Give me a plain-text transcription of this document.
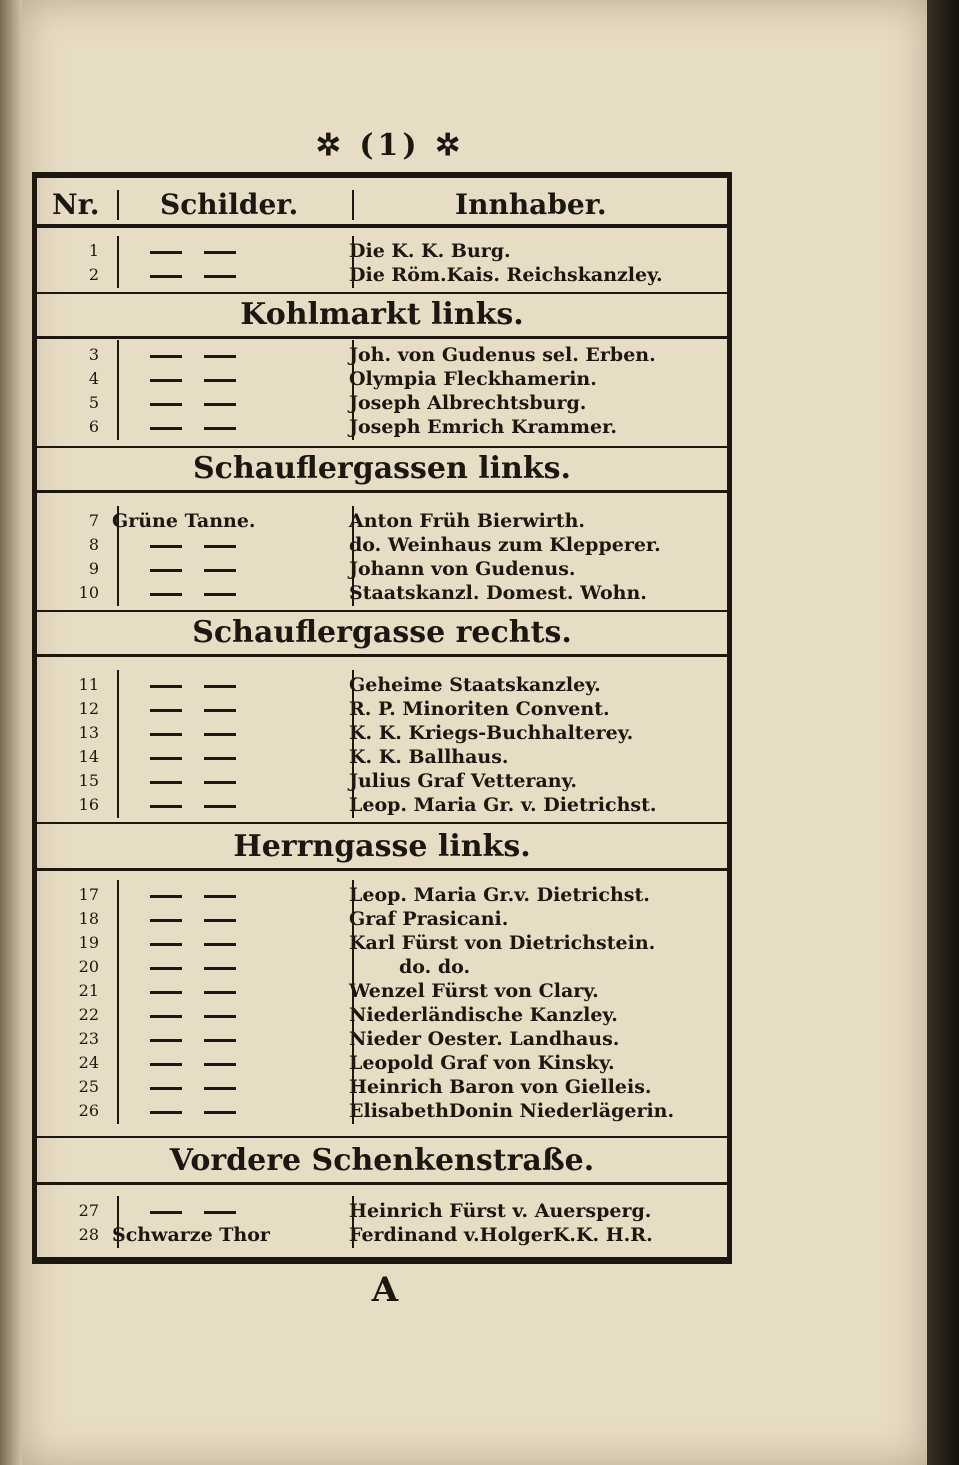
✲ (1) ✲
Nr. Schilder.	Innhaber.
1	Die K. K. Burg.
2	Die Röm.Kais. Reichskanzley.
Kohlmarkt links.
3	Joh. von Gudenus sel. Erben.
4	Olympia Fleckhamerin.
5	Joseph Albrechtsburg.
6	Joseph Emrich Krammer.
Schauflergassen links.
7 Grüne Tanne.	Anton Früh Bierwirth.
8	do. Weinhaus zum Klepperer.
9	Johann von Gudenus.
10	Staatskanzl. Domest. Wohn.
Schauflergasse rechts.
11	Geheime Staatskanzley.
12	R. P. Minoriten Convent.
13	K. K. Kriegs-Buchhalterey.
14	K. K. Ballhaus.
15	Julius Graf Vetterany.
16	Leop. Maria Gr. v. Dietrichst.
Herrngasse links.
17	Leop. Maria Gr.v. Dietrichst.
18	Graf Prasicani.
19	Karl Fürst von Dietrichstein.
20	do. do.
21	Wenzel Fürst von Clary.
22	Niederländische Kanzley.
23	Nieder Oester. Landhaus.
24	Leopold Graf von Kinsky.
25	Heinrich Baron von Gielleis.
26	ElisabethDonin Niederlägerin.
Vordere Schenkenstraße.
27	Heinrich Fürst v. Auersperg.
28 Schwarze Thor	Ferdinand v.HolgerK.K. H.R.
A
